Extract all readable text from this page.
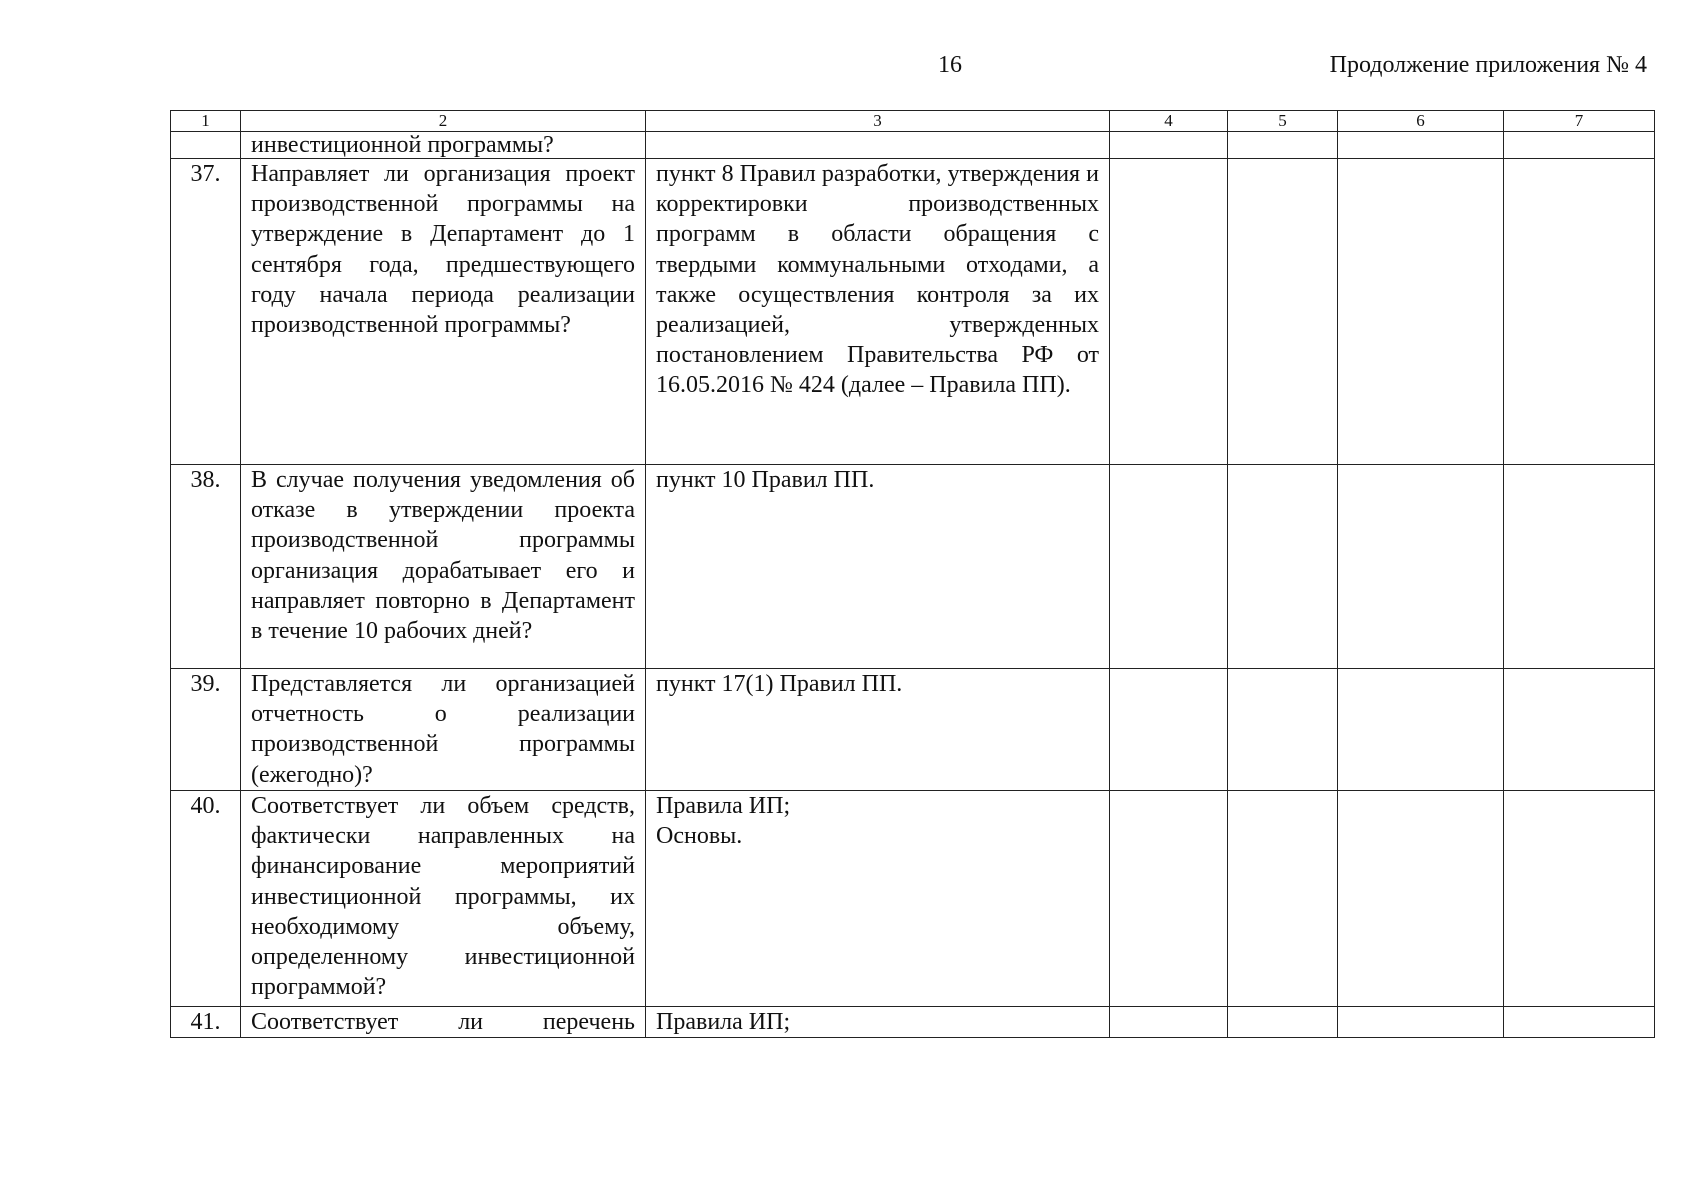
16	Продолжение приложения № 4
1	2	3	4	5	6	7
	инвестиционной программы?					
37.	Направляет ли организация проект производственной программы на утверждение в Департамент до 1 сентября года, предшествующего году начала периода реализации производственной программы?	пункт 8 Правил разработки, утверждения и корректировки производственных программ в области обращения с твердыми коммунальными отходами, а также осуществления контроля за их реализацией, утвержденных постановлением Правительства РФ от 16.05.2016 № 424 (далее – Правила ПП).				
38.	В случае получения уведомления об отказе в утверждении проекта производственной программы организация дорабатывает его и направляет повторно в Департамент в течение 10 рабочих дней?	пункт 10 Правил ПП.				
39.	Представляется ли организацией отчетность о реализации производственной программы (ежегодно)?	пункт 17(1) Правил ПП.				
40.	Соответствует ли объем средств, фактически направленных на финансирование мероприятий инвестиционной программы, их необходимому объему, определенному инвестиционной программой?	Правила ИП;
Основы.				

41.	Соответствует ли перечень	Правила ИП;				
